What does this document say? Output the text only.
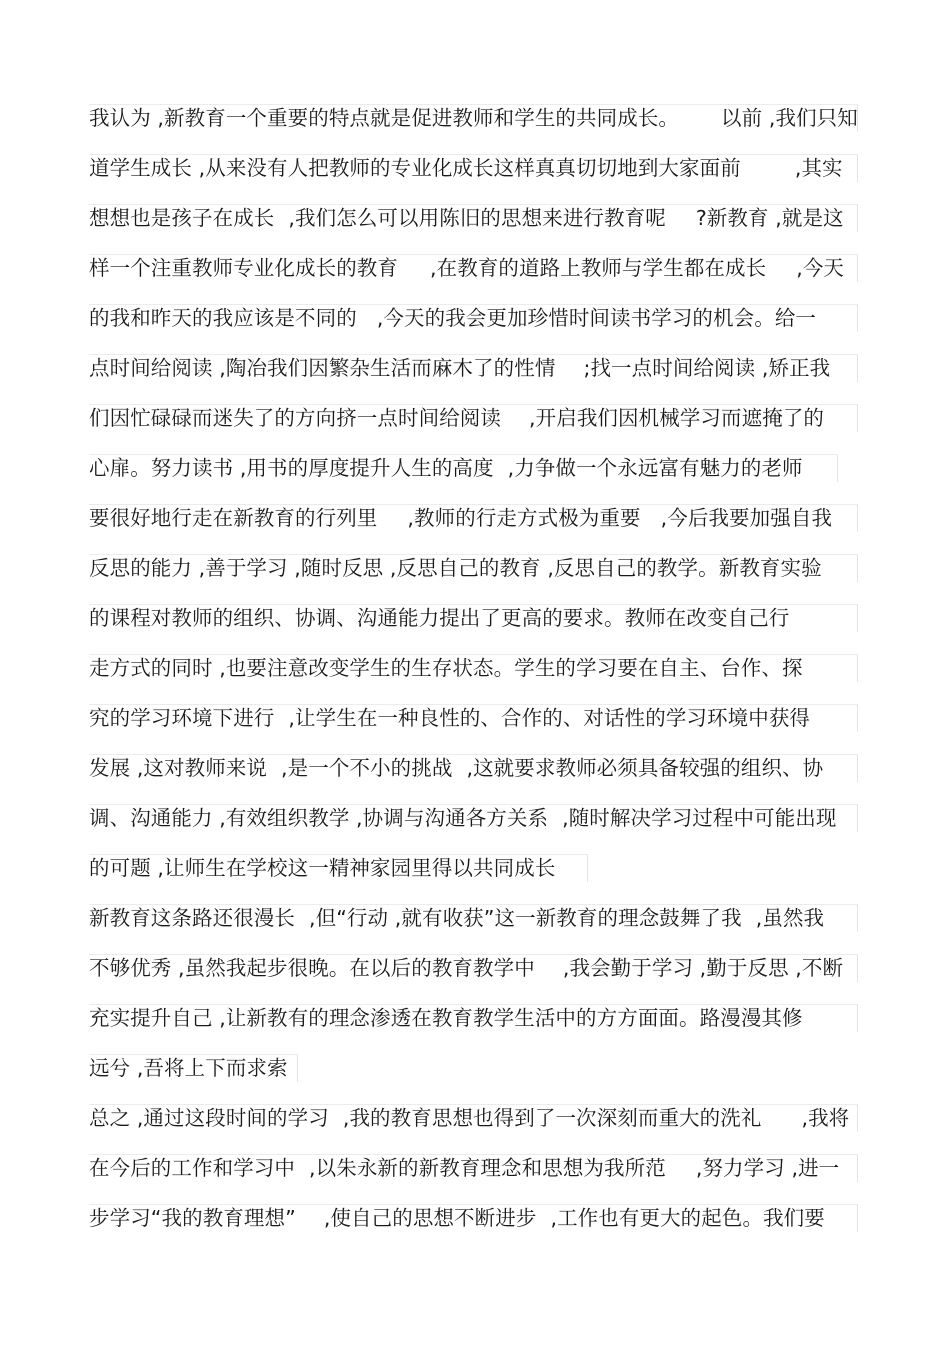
我认为 ,新教育一个重要的特点就是促进教师和学生的共同成长。 以前 ,我们只知
道学生成长 ,从来没有人把教师的专业化成长这样真真切切地到大家面前	,其实
想想也是孩子在成长 ,我们怎么可以用陈旧的思想来进行教育呢 ?新教育 ,就是这
样一个注重教师专业化成长的教育 ,在教育的道路上教师与学生都在成长 ,今天
的我和昨天的我应该是不同的 ,今天的我会更加珍惜时间读书学习的机会。给一
点时间给阅读 ,陶冶我们因繁杂生活而麻木了的性情 ;找一点时间给阅读 ,矫正我
们因忙碌碌而迷失了的方向挤一点时间给阅读 ,开启我们因机械学习而遮掩了的
心扉。努力读书 ,用书的厚度提升人生的高度 ,力争做一个永远富有魅力的老师
要很好地行走在新教育的行列里 ,教师的行走方式极为重要 ,今后我要加强自我
反思的能力 ,善于学习 ,随时反思 ,反思自己的教育 ,反思自己的教学。新教育实验
的课程对教师的组织、协调、沟通能力提出了更高的要求。教师在改变自己行
走方式的同时 ,也要注意改变学生的生存状态。学生的学习要在自主、台作、探
究的学习环境下进行 ,让学生在一种良性的、合作的、对话性的学习环境中获得
发展 ,这对教师来说 ,是一个不小的挑战 ,这就要求教师必须具备较强的组织、协
调、沟通能力 ,有效组织教学 ,协调与沟通各方关系 ,随时解决学习过程中可能出现
的可题 ,让师生在学校这一精神家园里得以共同成长
新教育这条路还很漫长 ,但“行动 ,就有收获”这一新教育的理念鼓舞了我 ,虽然我
不够优秀 ,虽然我起步很晚。在以后的教育教学中 ,我会勤于学习 ,勤于反思 ,不断
充实提升自己 ,让新教有的理念渗透在教育教学生活中的方方面面。路漫漫其修
远兮 ,吾将上下而求索
总之 ,通过这段时间的学习 ,我的教育思想也得到了一次深刻而重大的洗礼 ,我将
在今后的工作和学习中 ,以朱永新的新教育理念和思想为我所范 ,努力学习 ,进一
步学习“我的教育理想” ,使自己的思想不断进步 ,工作也有更大的起色。我们要
